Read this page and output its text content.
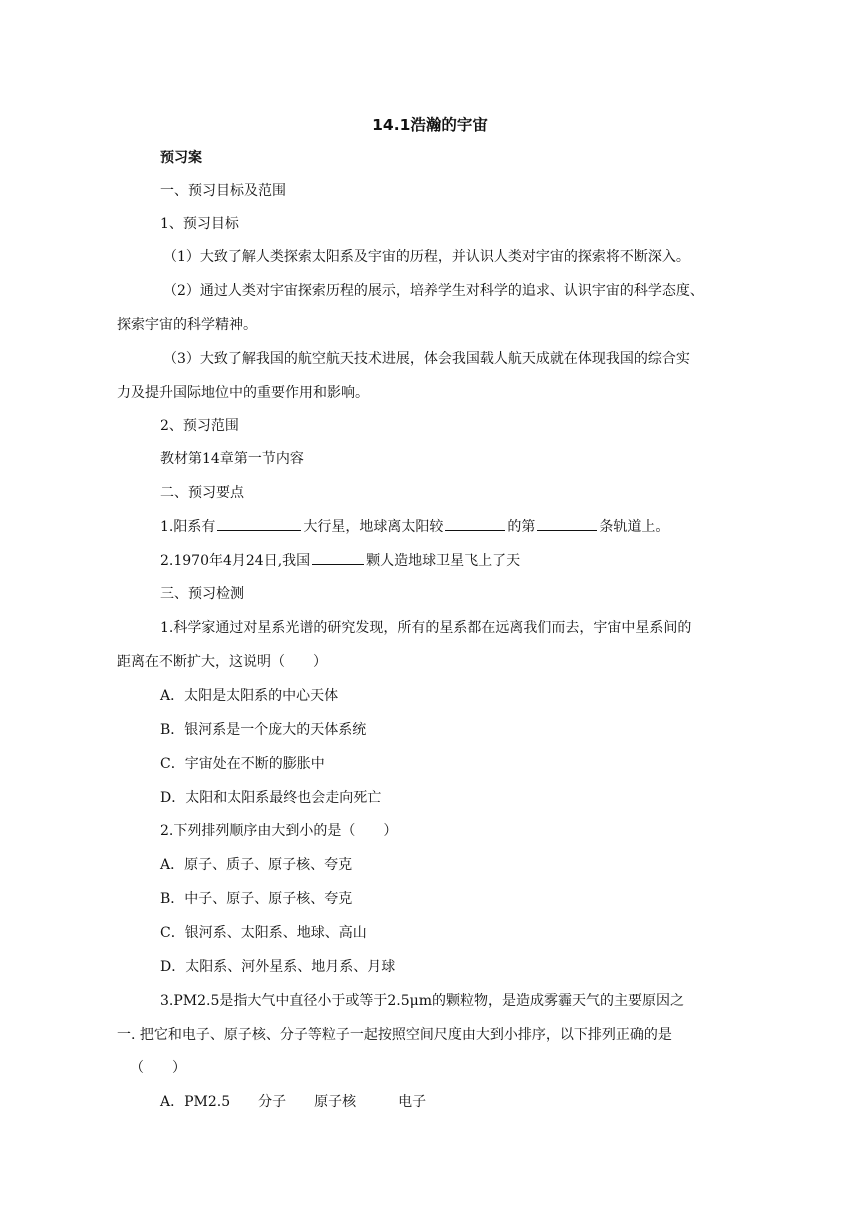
14.1浩瀚的宇宙

预习案

一、预习目标及范围

1、预习目标

（1）大致了解人类探索太阳系及宇宙的历程，并认识人类对宇宙的探索将不断深入。

（2）通过人类对宇宙探索历程的展示，培养学生对科学的追求、认识宇宙的科学态度、

探索宇宙的科学精神。

（3）大致了解我国的航空航天技术进展，体会我国载人航天成就在体现我国的综合实

力及提升国际地位中的重要作用和影响。

2、预习范围

教材第14章第一节内容

二、预习要点

1.阳系有	大行星，地球离太阳较	的第	条轨道上。

2.1970年4月24日,我国	颗人造地球卫星飞上了天

三、预习检测

1.科学家通过对星系光谱的研究发现，所有的星系都在远离我们而去，宇宙中星系间的

距离在不断扩大，这说明（　　）

A．太阳是太阳系的中心天体

B．银河系是一个庞大的天体系统

C．宇宙处在不断的膨胀中

D．太阳和太阳系最终也会走向死亡

2.下列排列顺序由大到小的是（　　）

A．原子、质子、原子核、夸克

B．中子、原子、原子核、夸克

C．银河系、太阳系、地球、高山

D．太阳系、河外星系、地月系、月球

3.PM2.5是指大气中直径小于或等于2.5μm的颗粒物，是造成雾霾天气的主要原因之

一. 把它和电子、原子核、分子等粒子一起按照空间尺度由大到小排序，以下排列正确的是

（　　）

A．PM2.5　　分子　　原子核　　　电子
